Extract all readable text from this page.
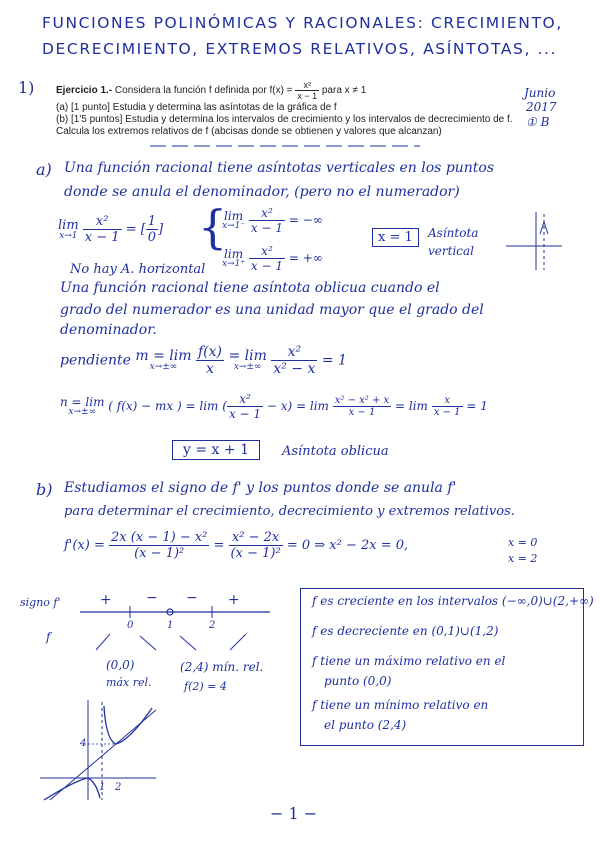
FUNCIONES POLINÓMICAS Y RACIONALES: CRECIMIENTO,
DECRECIMIENTO, EXTREMOS RELATIVOS, ASÍNTOTAS, ...
1) Ejercicio 1.- Considera la función f definida por $f(x) = \frac{\text{x²}}{x - 1}$ para x ≠ 1
(a) [1 punto] Estudia y determina las asíntotas de la gráfica de f
(b) [1'5 puntos] Estudia y determina los intervalos de crecimiento y los intervalos de decrecimiento de f.
Calcula los extremos relativos de f (abcisas donde se obtienen y valores que alcanzan)
Junio
2017
① B
a) Una función racional tiene asíntotas verticales en los puntos
donde se anula el denominador, (pero no el numerador)
lim
x→1
$\frac{\text{x²}}{x - 1}$ = [ $\frac{1}{0}$ ] {
lim
x→1⁻
$\frac{\text{x²}}{x - 1}$ = −∞
lim
x→1⁺
$\frac{\text{x²}}{x - 1}$ = +∞
x = 1	Asíntota
vertical
No hay A. horizontal
Una función racional tiene asíntota oblicua cuando el
grado del numerador es una unidad mayor que el grado del
denominador.
pendiente m = lim
x→±∞
	$\frac{f(x)}{x} = \lim$
x→±∞
$\frac{\text{x²}}{\text{x² − x}} = 1$
n = lim
x→±∞	( f(x) − mx ) = lim ( $\frac{\text{x²}}{x - 1} - x) = \lim \frac{\text{x² − x² + x}}{x - 1} = \lim \frac{x}{x - 1} = 1$
y = x + 1	Asíntota oblicua
b) Estudiamos el signo de f' y los puntos donde se anula f'
para determinar el crecimiento, decrecimiento y extremos relativos.
$f'(x) = \frac{\text{2x (x − 1) − x²}}{\text{(x − 1)²}} = \frac{\text{x² − 2x}}{\text{(x − 1)²}} = 0$ ⇒ x² − 2x = 0,	x = 0
x = 2
signo f'
f
+ − − +
0	1	2
(0,0)
máx rel.
(2,4) mín. rel.
f(2) = 4
f es creciente en los intervalos (−∞,0)∪(2,+∞)
f es decreciente en (0,1)∪(1,2)
f tiene un máximo relativo en el
punto (0,0)
f tiene un mínimo relativo en
el punto (2,4)
4
1 2
− 1 −
